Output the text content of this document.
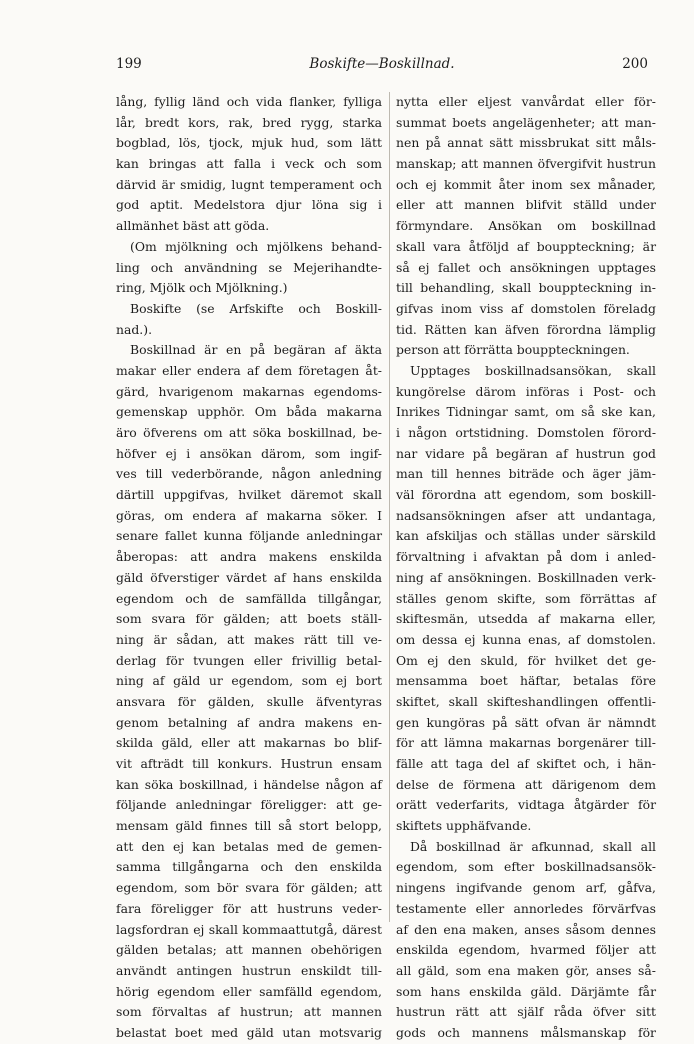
199	Boskifte—Boskillnad.	200
lång, fyllig länd och vida flanker, fylliga
lår, bredt kors, rak, bred rygg, starka
bogblad, lös, tjock, mjuk hud, som lätt
kan bringas att falla i veck och som
därvid är smidig, lugnt temperament och
god aptit. Medelstora djur löna sig i
allmänhet bäst att göda.
(Om mjölkning och mjölkens behand-
ling och användning se Mejerihandte-
ring, Mjölk och Mjölkning.)
Boskifte (se Arfskifte och Boskill-
nad.).
Boskillnad är en på begäran af äkta
makar eller endera af dem företagen åt-
gärd, hvarigenom makarnas egendoms-
gemenskap upphör. Om båda makarna
äro öfverens om att söka boskillnad, be-
höfver ej i ansökan därom, som ingif-
ves till vederbörande, någon anledning
därtill uppgifvas, hvilket däremot skall
göras, om endera af makarna söker. I
senare fallet kunna följande anledningar
åberopas: att andra makens enskilda
gäld öfverstiger värdet af hans enskilda
egendom och de samfällda tillgångar,
som svara för gälden; att boets ställ-
ning är sådan, att makes rätt till ve-
derlag för tvungen eller frivillig betal-
ning af gäld ur egendom, som ej bort
ansvara för gälden, skulle äfventyras
genom betalning af andra makens en-
skilda gäld, eller att makarnas bo blif-
vit afträdt till konkurs. Hustrun ensam
kan söka boskillnad, i händelse någon af
följande anledningar föreligger: att ge-
mensam gäld finnes till så stort belopp,
att den ej kan betalas med de gemen-
samma tillgångarna och den enskilda
egendom, som bör svara för gälden; att
fara föreligger för att hustruns veder-
lagsfordran ej skall kommaattutgå, därest
gälden betalas; att mannen obehörigen
användt antingen hustrun enskildt till-
hörig egendom eller samfälld egendom,
som förvaltas af hustrun; att mannen
belastat boet med gäld utan motsvarig
nytta eller eljest vanvårdat eller för-
summat boets angelägenheter; att man-
nen på annat sätt missbrukat sitt måls-
manskap; att mannen öfvergifvit hustrun
och ej kommit åter inom sex månader,
eller att mannen blifvit ställd under
förmyndare. Ansökan om boskillnad
skall vara åtföljd af bouppteckning; är
så ej fallet och ansökningen upptages
till behandling, skall bouppteckning in-
gifvas inom viss af domstolen föreladg
tid. Rätten kan äfven förordna lämplig
person att förrätta bouppteckningen.
Upptages boskillnadsansökan, skall
kungörelse därom införas i Post- och
Inrikes Tidningar samt, om så ske kan,
i någon ortstidning. Domstolen förord-
nar vidare på begäran af hustrun god
man till hennes biträde och äger jäm-
väl förordna att egendom, som boskill-
nadsansökningen afser att undantaga,
kan afskiljas och ställas under särskild
förvaltning i afvaktan på dom i anled-
ning af ansökningen. Boskillnaden verk-
ställes genom skifte, som förrättas af
skiftesmän, utsedda af makarna eller,
om dessa ej kunna enas, af domstolen.
Om ej den skuld, för hvilket det ge-
mensamma boet häftar, betalas före
skiftet, skall skifteshandlingen offentli-
gen kungöras på sätt ofvan är nämndt
för att lämna makarnas borgenärer till-
fälle att taga del af skiftet och, i hän-
delse de förmena att därigenom dem
orätt vederfarits, vidtaga åtgärder för
skiftets upphäfvande.
Då boskillnad är afkunnad, skall all
egendom, som efter boskillnadsansök-
ningens ingifvande genom arf, gåfva,
testamente eller annorledes förvärfvas
af den ena maken, anses såsom dennes
enskilda egendom, hvarmed följer att
all gäld, som ena maken gör, anses så-
som hans enskilda gäld. Därjämte får
hustrun rätt att själf råda öfver sitt
gods och mannens målsmanskap för
